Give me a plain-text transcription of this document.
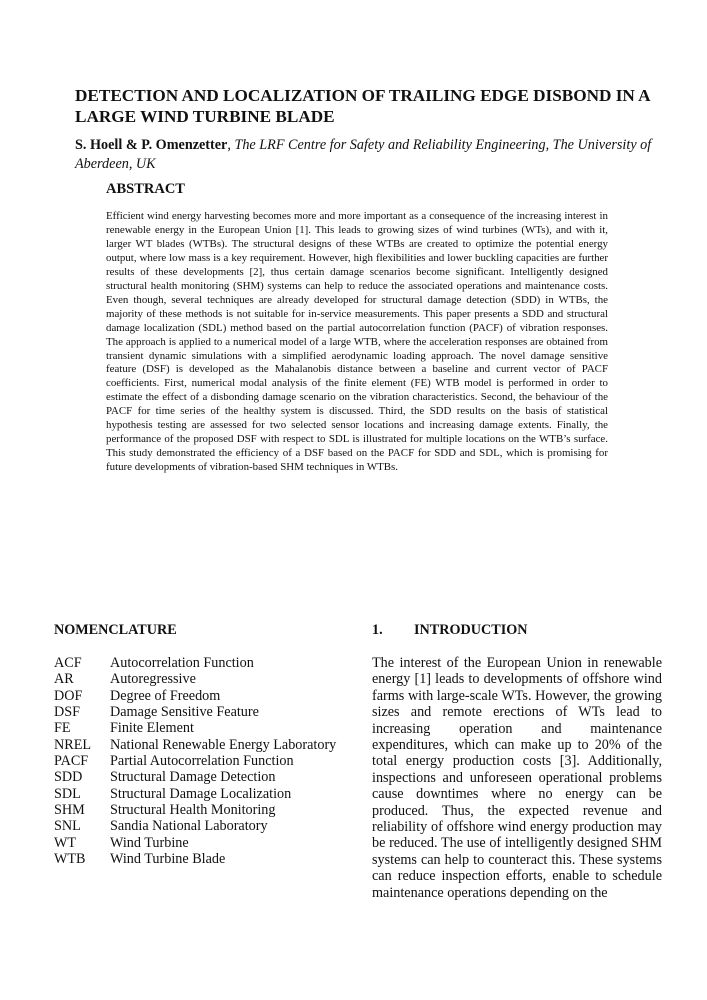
DETECTION AND LOCALIZATION OF TRAILING EDGE DISBOND IN A LARGE WIND TURBINE BLADE

S. Hoell & P. Omenzetter, The LRF Centre for Safety and Reliability Engineering, The University of Aberdeen, UK

ABSTRACT

Efficient wind energy harvesting becomes more and more important as a consequence of the increasing interest in renewable energy in the European Union [1]. This leads to growing sizes of wind turbines (WTs), and with it, larger WT blades (WTBs). The structural designs of these WTBs are created to optimize the potential energy output, where low mass is a key requirement. However, high flexibilities and lower buckling capacities are further results of these developments [2], thus certain damage scenarios become significant. Intelligently designed structural health monitoring (SHM) systems can help to reduce the associated operations and maintenance costs. Even though, several techniques are already developed for structural damage detection (SDD) in WTBs, the majority of these methods is not suitable for in-service measurements. This paper presents a SDD and structural damage localization (SDL) method based on the partial autocorrelation function (PACF) of vibration responses. The approach is applied to a numerical model of a large WTB, where the acceleration responses are obtained from transient dynamic simulations with a simplified aerodynamic loading approach. The novel damage sensitive feature (DSF) is developed as the Mahalanobis distance between a baseline and current vector of PACF coefficients. First, numerical modal analysis of the finite element (FE) WTB model is performed in order to estimate the effect of a disbonding damage scenario on the vibration characteristics. Second, the behaviour of the PACF for time series of the healthy system is discussed. Third, the SDD results on the basis of statistical hypothesis testing are assessed for two selected sensor locations and increasing damage extents. Finally, the performance of the proposed DSF with respect to SDL is illustrated for multiple locations on the WTB’s surface. This study demonstrated the efficiency of a DSF based on the PACF for SDD and SDL, which is promising for future developments of vibration-based SHM techniques in WTBs.

NOMENCLATURE
ACF	Autocorrelation Function
AR	Autoregressive
DOF	Degree of Freedom
DSF	Damage Sensitive Feature
FE	Finite Element
NREL	National Renewable Energy Laboratory
PACF	Partial Autocorrelation Function
SDD	Structural Damage Detection
SDL	Structural Damage Localization
SHM	Structural Health Monitoring
SNL	Sandia National Laboratory
WT	Wind Turbine
WTB	Wind Turbine Blade
1. INTRODUCTION

The interest of the European Union in renewable energy [1] leads to developments of offshore wind farms with large-scale WTs. However, the growing sizes and remote erections of WTs lead to increasing operation and maintenance expenditures, which can make up to 20% of the total energy production costs [3]. Additionally, inspections and unforeseen operational problems cause downtimes where no energy can be produced. Thus, the expected revenue and reliability of offshore wind energy production may be reduced. The use of intelligently designed SHM systems can help to counteract this. These systems can reduce inspection efforts, enable to schedule maintenance operations depending on the
